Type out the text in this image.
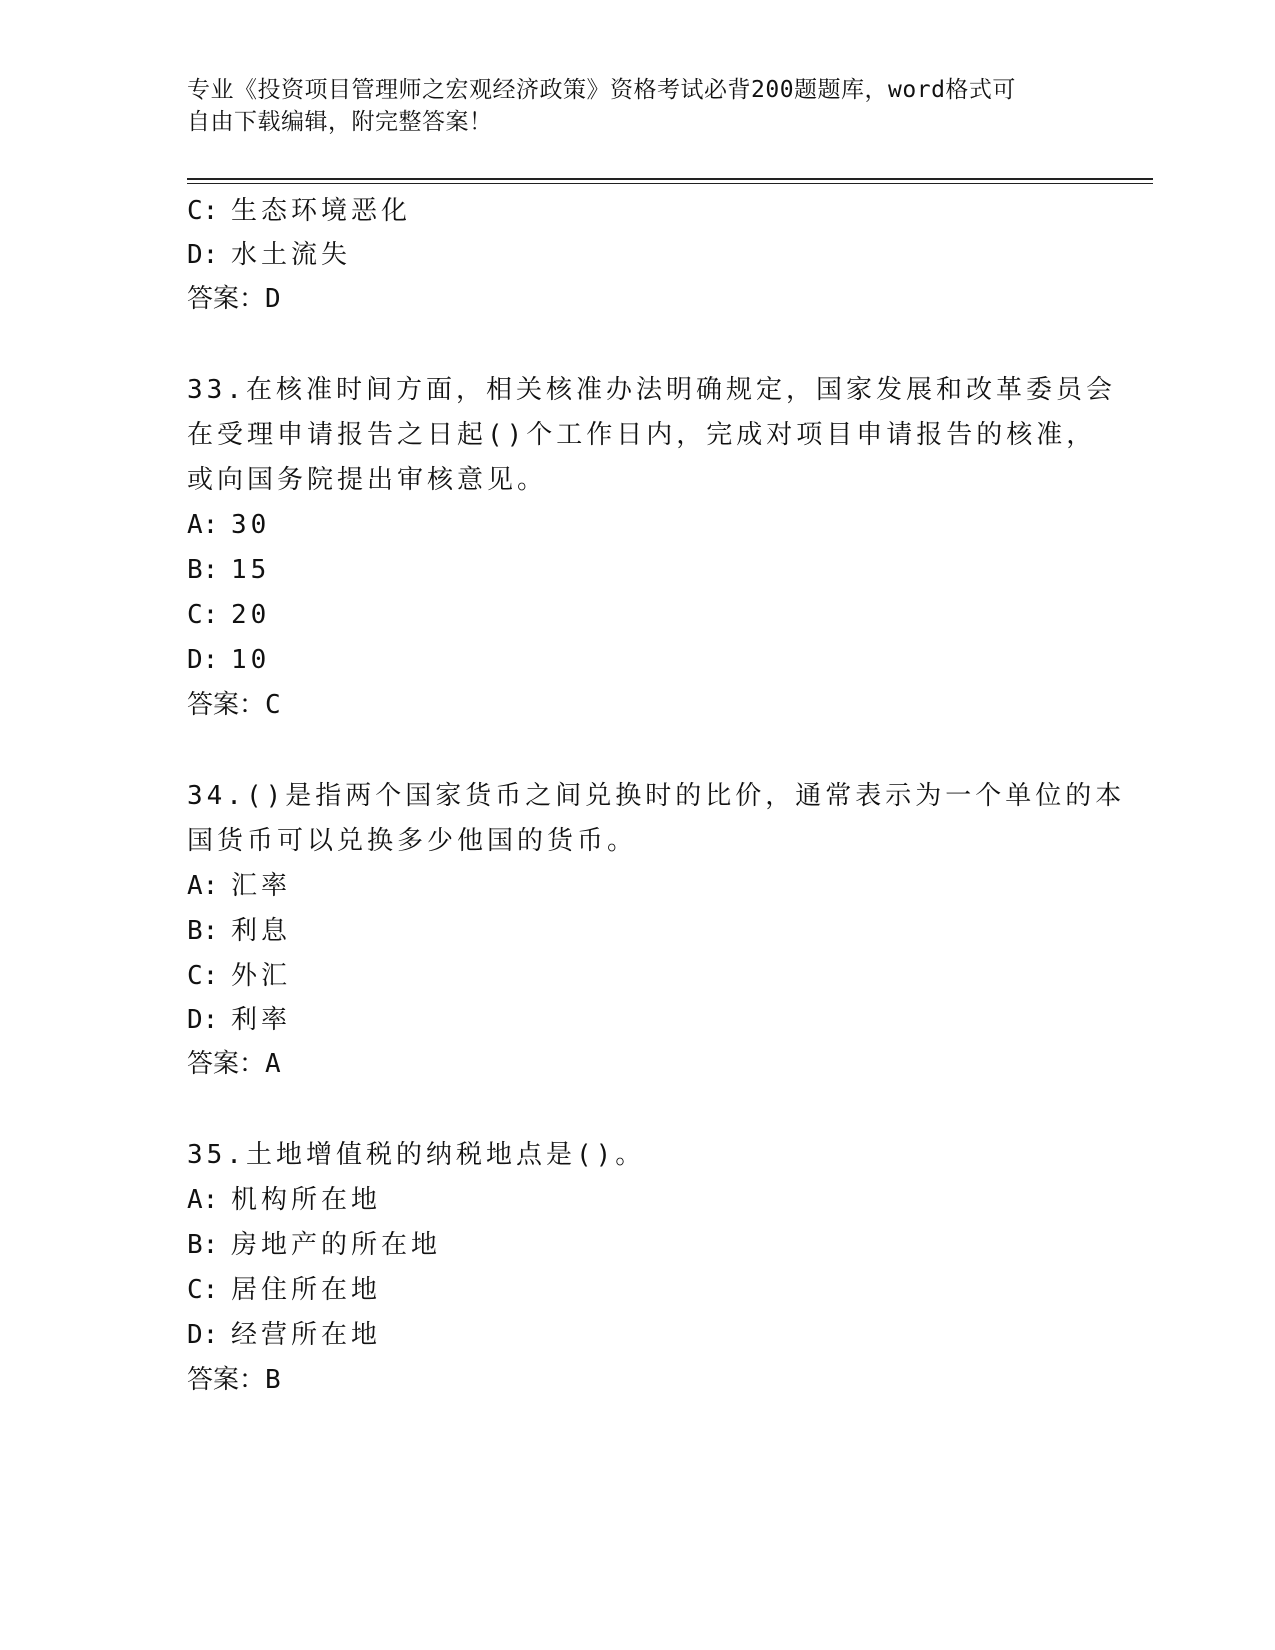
专业《投资项目管理师之宏观经济政策》资格考试必背200题题库，word格式可
自由下载编辑，附完整答案！
C: 生态环境恶化
D: 水土流失
答案：D
33.在核准时间方面，相关核准办法明确规定，国家发展和改革委员会
在受理申请报告之日起()个工作日内，完成对项目申请报告的核准，
或向国务院提出审核意见。
A: 30
B: 15
C: 20
D: 10
答案：C
34.()是指两个国家货币之间兑换时的比价，通常表示为一个单位的本
国货币可以兑换多少他国的货币。
A: 汇率
B: 利息
C: 外汇
D: 利率
答案：A
35.土地增值税的纳税地点是()。
A: 机构所在地
B: 房地产的所在地
C: 居住所在地
D: 经营所在地
答案：B
